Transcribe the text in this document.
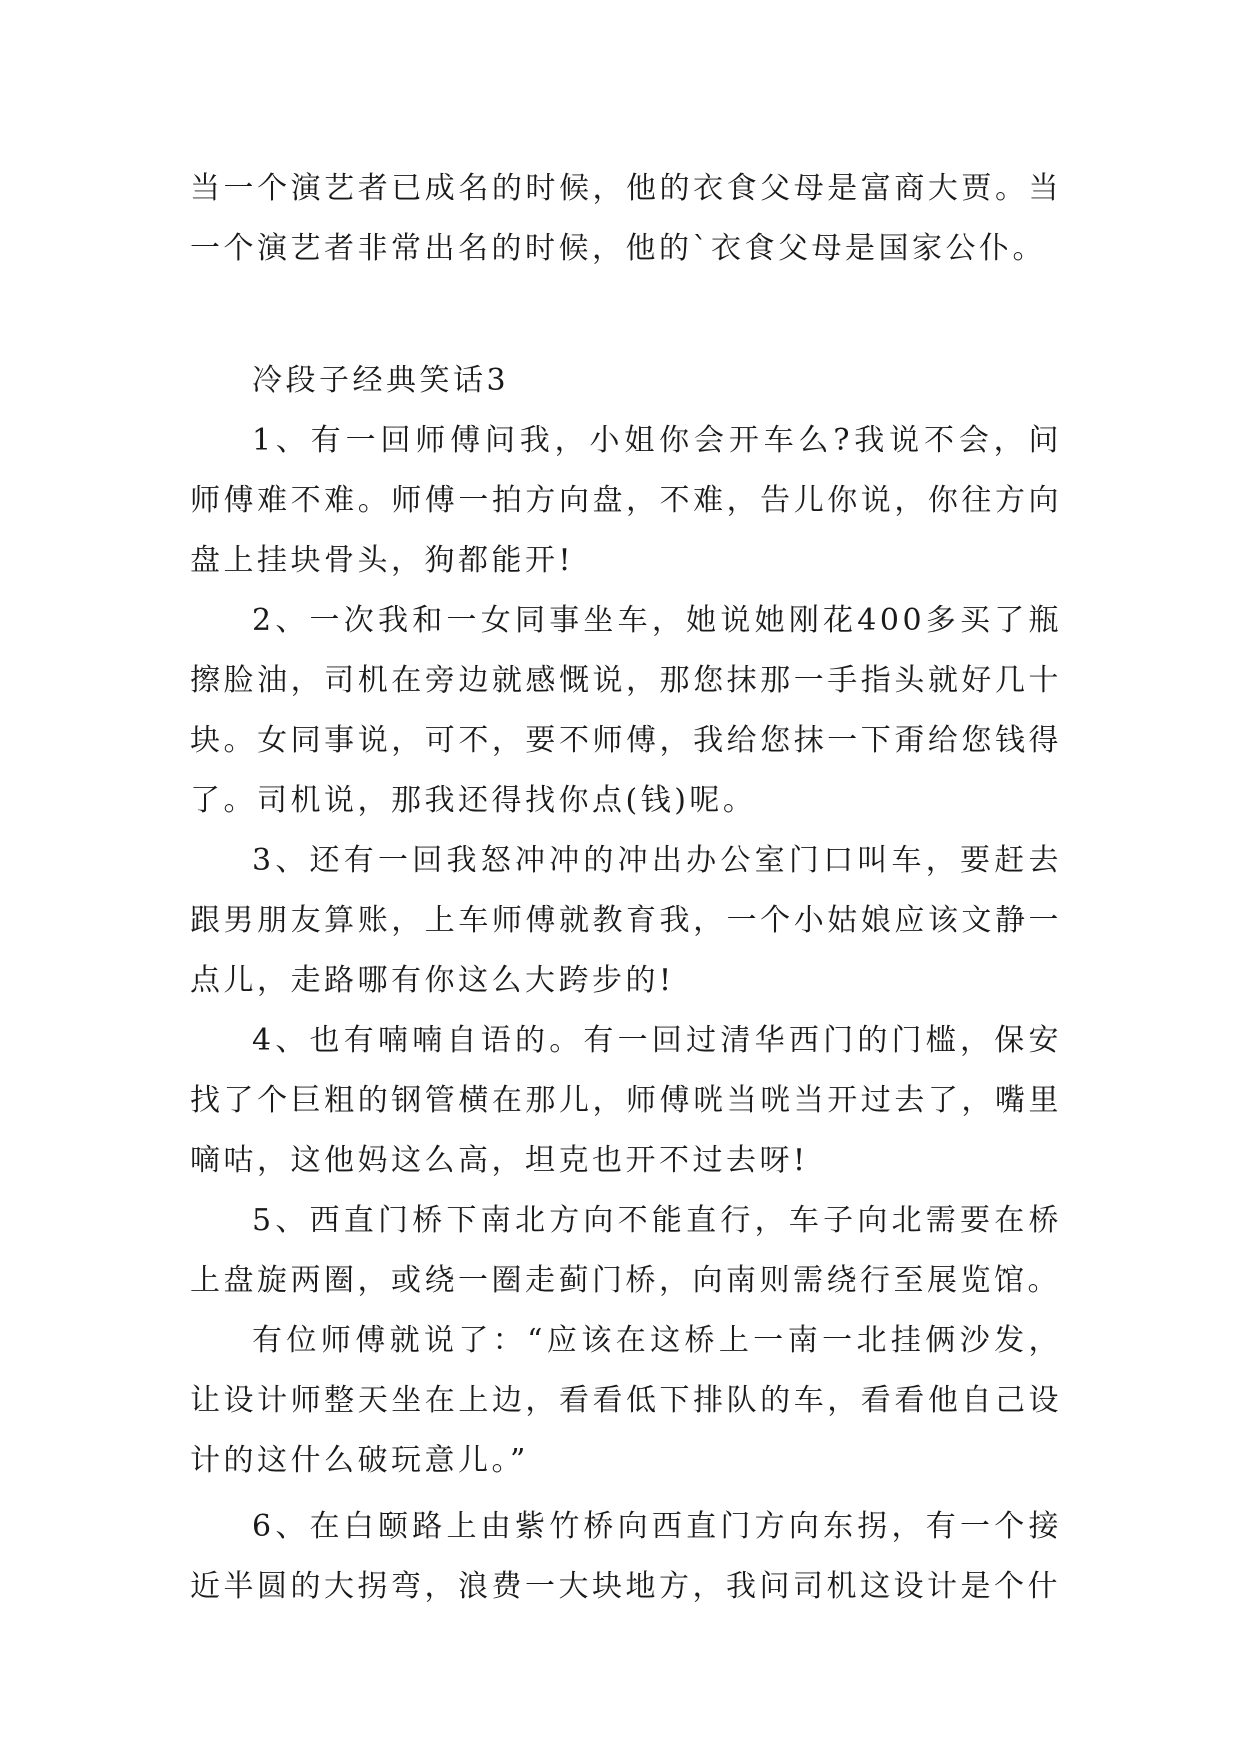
当一个演艺者已成名的时候，他的衣食父母是富商大贾。当一个演艺者非常出名的时候，他的`衣食父母是国家公仆。

冷段子经典笑话3

1、有一回师傅问我，小姐你会开车么?我说不会，问师傅难不难。师傅一拍方向盘，不难，告儿你说，你往方向盘上挂块骨头，狗都能开!

2、一次我和一女同事坐车，她说她刚花400多买了瓶擦脸油，司机在旁边就感慨说，那您抹那一手指头就好几十块。女同事说，可不，要不师傅，我给您抹一下甭给您钱得了。司机说，那我还得找你点(钱)呢。

3、还有一回我怒冲冲的冲出办公室门口叫车，要赶去跟男朋友算账，上车师傅就教育我，一个小姑娘应该文静一点儿，走路哪有你这么大跨步的!

4、也有喃喃自语的。有一回过清华西门的门槛，保安找了个巨粗的钢管横在那儿，师傅咣当咣当开过去了，嘴里嘀咕，这他妈这么高，坦克也开不过去呀!

5、西直门桥下南北方向不能直行，车子向北需要在桥上盘旋两圈，或绕一圈走蓟门桥，向南则需绕行至展览馆。

有位师傅就说了：“应该在这桥上一南一北挂俩沙发，让设计师整天坐在上边，看看低下排队的车，看看他自己设计的这什么破玩意儿。”

6、在白颐路上由紫竹桥向西直门方向东拐，有一个接近半圆的大拐弯，浪费一大块地方，我问司机这设计是个什
